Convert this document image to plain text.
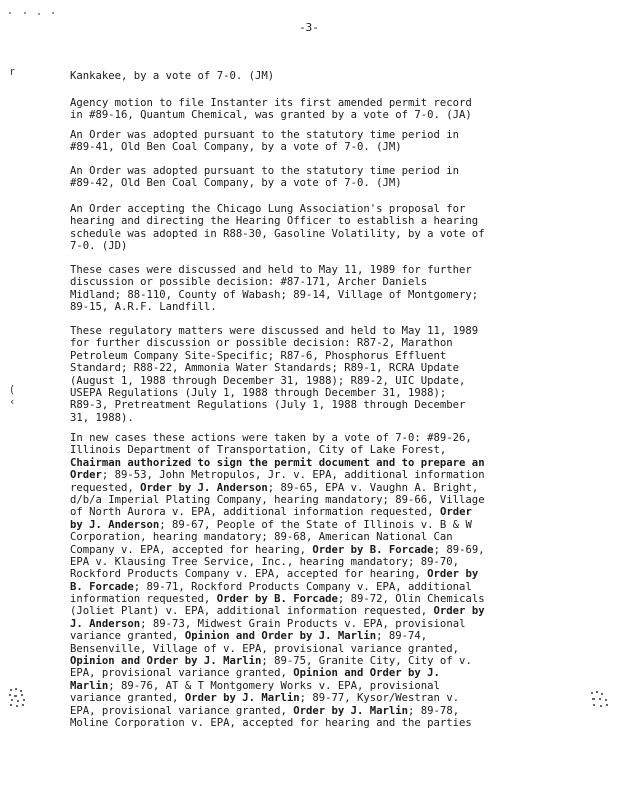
-3-
r
(
‹
Kankakee, by a vote of 7-0. (JM)
Agency motion to file Instanter its first amended permit record
in #89-16, Quantum Chemical, was granted by a vote of 7-0. (JA)
An Order was adopted pursuant to the statutory time period in
#89-41, Old Ben Coal Company, by a vote of 7-0. (JM)
An Order was adopted pursuant to the statutory time period in
#89-42, Old Ben Coal Company, by a vote of 7-0. (JM)
An Order accepting the Chicago Lung Association's proposal for
hearing and directing the Hearing Officer to establish a hearing
schedule was adopted in R88-30, Gasoline Volatility, by a vote of
7-0. (JD)
These cases were discussed and held to May 11, 1989 for further
discussion or possible decision: #87-171, Archer Daniels
Midland; 88-110, County of Wabash; 89-14, Village of Montgomery;
89-15, A.R.F. Landfill.
These regulatory matters were discussed and held to May 11, 1989
for further discussion or possible decision: R87-2, Marathon
Petroleum Company Site-Specific; R87-6, Phosphorus Effluent
Standard; R88-22, Ammonia Water Standards; R89-1, RCRA Update
(August 1, 1988 through December 31, 1988); R89-2, UIC Update,
USEPA Regulations (July 1, 1988 through December 31, 1988);
R89-3, Pretreatment Regulations (July 1, 1988 through December
31, 1988).
In new cases these actions were taken by a vote of 7-0: #89-26,
Illinois Department of Transportation, City of Lake Forest,
Chairman authorized to sign the permit document and to prepare an
Order; 89-53, John Metropulos, Jr. v. EPA, additional information
requested, Order by J. Anderson; 89-65, EPA v. Vaughn A. Bright,
d/b/a Imperial Plating Company, hearing mandatory; 89-66, Village
of North Aurora v. EPA, additional information requested, Order
by J. Anderson; 89-67, People of the State of Illinois v. B & W
Corporation, hearing mandatory; 89-68, American National Can
Company v. EPA, accepted for hearing, Order by B. Forcade; 89-69,
EPA v. Klausing Tree Service, Inc., hearing mandatory; 89-70,
Rockford Products Company v. EPA, accepted for hearing, Order by
B. Forcade; 89-71, Rockford Products Company v. EPA, additional
information requested, Order by B. Forcade; 89-72, Olin Chemicals
(Joliet Plant) v. EPA, additional information requested, Order by
J. Anderson; 89-73, Midwest Grain Products v. EPA, provisional
variance granted, Opinion and Order by J. Marlin; 89-74,
Bensenville, Village of v. EPA, provisional variance granted,
Opinion and Order by J. Marlin; 89-75, Granite City, City of v.
EPA, provisional variance granted, Opinion and Order by J.
Marlin; 89-76, AT & T Montgomery Works v. EPA, provisional
variance granted, Order by J. Marlin; 89-77, Kysor/Westran v.
EPA, provisional variance granted, Order by J. Marlin; 89-78,
Moline Corporation v. EPA, accepted for hearing and the parties
